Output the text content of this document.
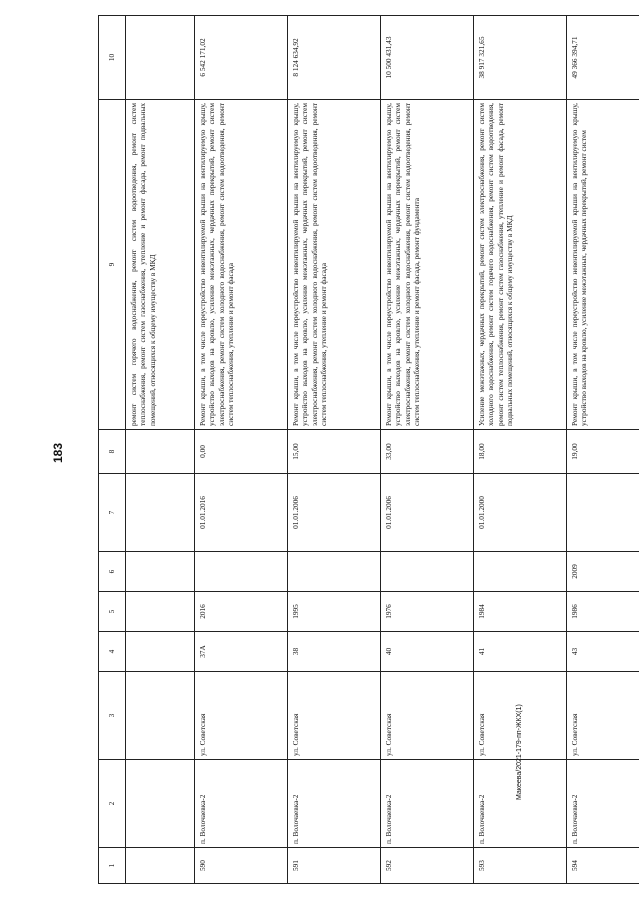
183
Макеева/2021-179-пп-ЖКХ(1)
1	2	3	4	5	6	7	8	9	10
								ремонт систем горячего водоснабжения, ремонт систем водоотведения, ремонт систем теплоснабжения, ремонт систем газоснабжения, утепление и ремонт фасада, ремонт подвальных помещений, относящихся к общему имуществу в МКД	
590	п. Волочаевка-2	ул. Советская	37А	2016		01.01.2016	0,00	Ремонт крыши, в том числе переустройство невентилируемой крыши на вентилируемую крышу, устройство выходов на кровлю, усиление межэтажных, чердачных перекрытий, ремонт систем электроснабжения, ремонт систем холодного водоснабжения, ремонт систем водоотведения, ремонт систем теплоснабжения, утепление и ремонт фасада	6 542 171,02
591	п. Волочаевка-2	ул. Советская	38	1995		01.01.2006	15,00	Ремонт крыши, в том числе переустройство невентилируемой крыши на вентилируемую крышу, устройство выходов на кровлю, усиление межэтажных, чердачных перекрытий, ремонт систем электроснабжения, ремонт систем холодного водоснабжения, ремонт систем водоотведения, ремонт систем теплоснабжения, утепление и ремонт фасада	8 124 634,92
592	п. Волочаевка-2	ул. Советская	40	1976		01.01.2006	33,00	Ремонт крыши, в том числе переустройство невентилируемой крыши на вентилируемую крышу, устройство выходов на кровлю, усиление межэтажных, чердачных перекрытий, ремонт систем электроснабжения, ремонт систем холодного водоснабжения, ремонт систем водоотведения, ремонт систем теплоснабжения, утепление и ремонт фасада, ремонт фундамента	10 500 431,43
593	п. Волочаевка-2	ул. Советская	41	1984		01.01.2000	18,00	Усиление межэтажных, чердачных перекрытий, ремонт систем электроснабжения, ремонт систем холодного водоснабжения, ремонт систем горячего водоснабжения, ремонт систем водоотведения, ремонт систем теплоснабжения, ремонт систем газоснабжения, утепление и ремонт фасада, ремонт подвальных помещений, относящихся к общему имуществу в МКД	38 917 321,65
594	п. Волочаевка-2	ул. Советская	43	1986	2009		19,00	Ремонт крыши, в том числе переустройство невентилируемой крыши на вентилируемую крышу, устройство выходов на кровлю, усиление межэтажных, чердачных перекрытий, ремонт систем	49 366 394,71
